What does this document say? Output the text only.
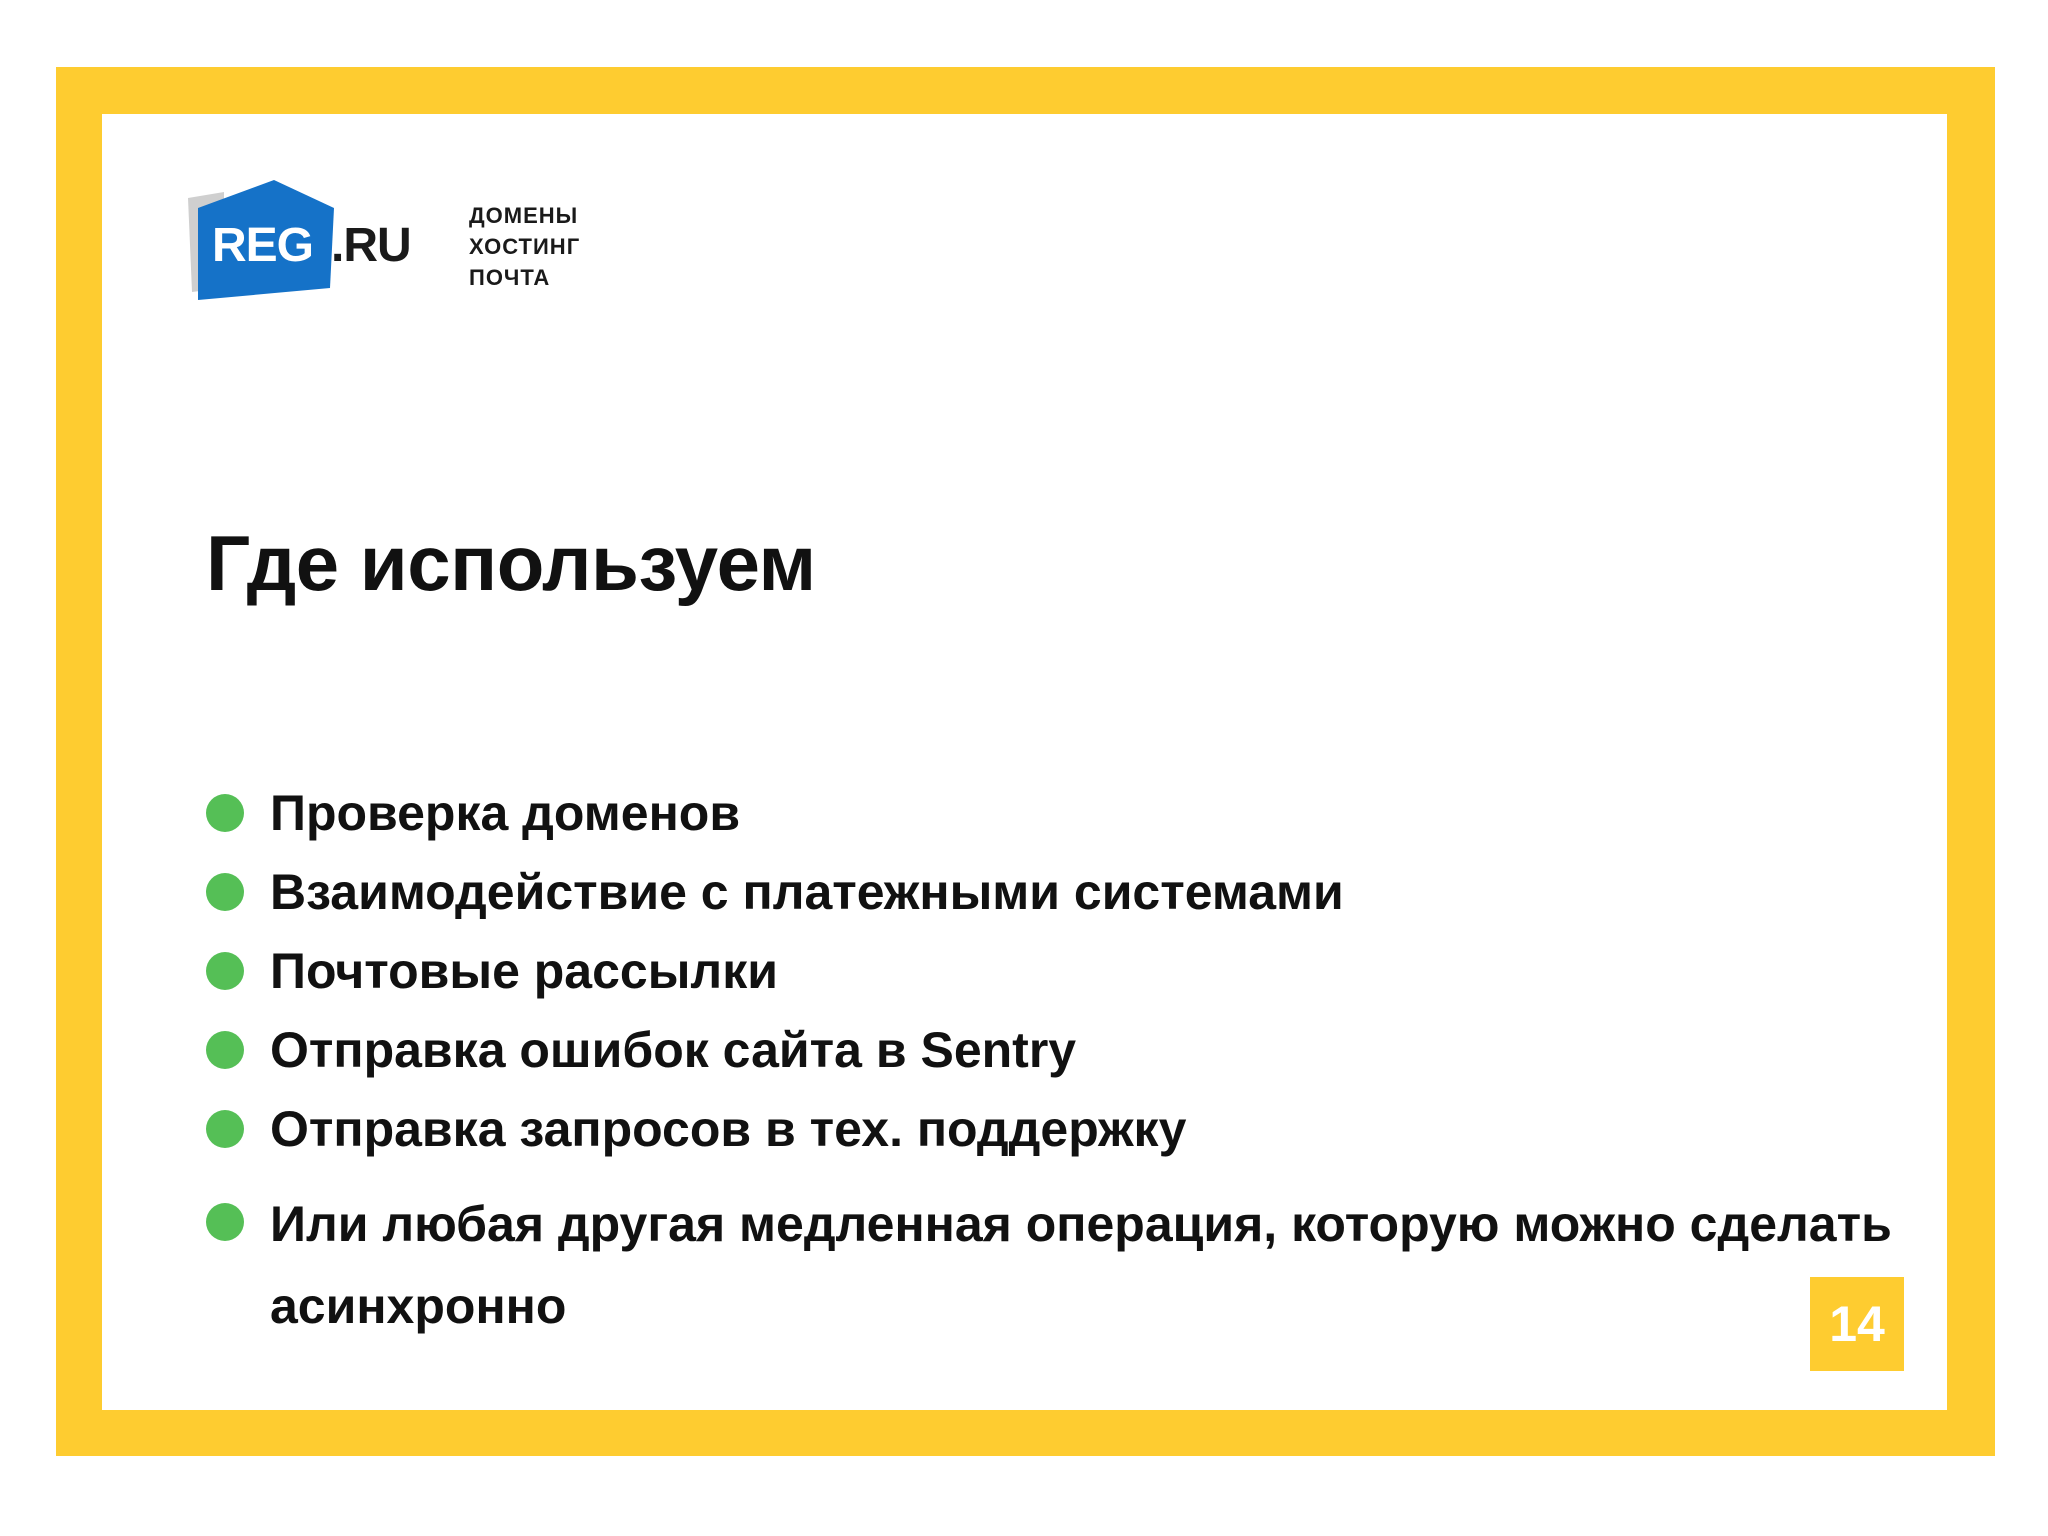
REG .RU
ДОМЕНЫ
ХОСТИНГ
ПОЧТА
Где используем
Проверка доменов
Взаимодействие с платежными системами
Почтовые рассылки
Отправка ошибок сайта в Sentry
Отправка запросов в тех. поддержку
Или любая другая медленная операция, которую можно сделать асинхронно	14
